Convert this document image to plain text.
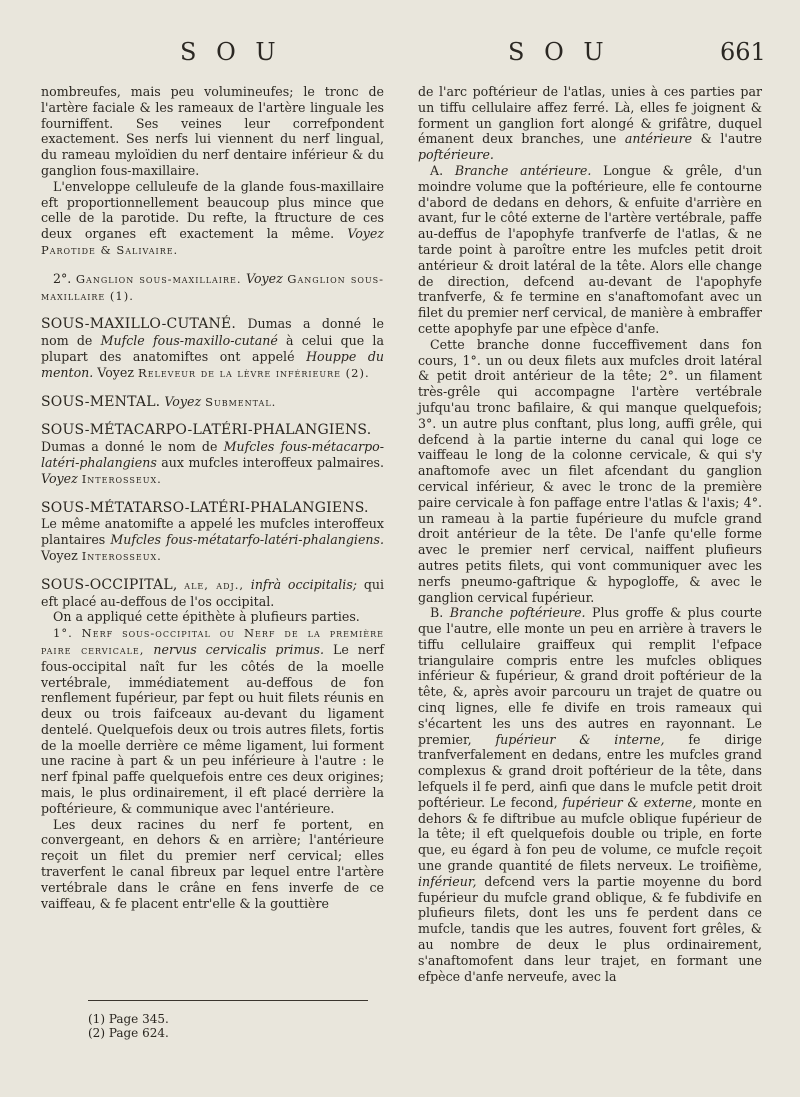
S O U	S O U	661

nombreufes, mais peu volumineufes; le tronc de l'artère faciale & les rameaux de l'artère linguale les fourniffent. Ses veines leur correfpondent exactement. Ses nerfs lui viennent du nerf lingual, du rameau myloïdien du nerf dentaire inférieur & du ganglion fous-maxillaire.

L'enveloppe celluleufe de la glande fous-maxillaire eft proportionnellement beaucoup plus mince que celle de la parotide. Du refte, la ftructure de ces deux organes eft exactement la même. Voyez Parotide & Salivaire.

2°. Ganglion sous-maxillaire. Voyez Ganglion sous-maxillaire (1).

SOUS-MAXILLO-CUTANÉ. Dumas a donné le nom de Mufcle fous-maxillo-cutané à celui que la plupart des anatomiftes ont appelé Houppe du menton. Voyez Releveur de la lèvre inférieure (2).

SOUS-MENTAL. Voyez Submental.

SOUS-MÉTACARPO-LATÉRI-PHALANGIENS. Dumas a donné le nom de Mufcles fous-métacarpo-latéri-phalangiens aux mufcles interoffeux palmaires. Voyez Interosseux.

SOUS-MÉTATARSO-LATÉRI-PHALANGIENS. Le même anatomifte a appelé les mufcles interoffeux plantaires Mufcles fous-métatarfo-latéri-phalangiens. Voyez Interosseux.

SOUS-OCCIPITAL, ale, adj., infrà occipitalis; qui eft placé au-deffous de l'os occipital.

On a appliqué cette épithète à plufieurs parties.

1°. Nerf sous-occipital ou Nerf de la première paire cervicale, nervus cervicalis primus. Le nerf fous-occipital naît fur les côtés de la moelle vertébrale, immédiatement au-deffous de fon renflement fupérieur, par fept ou huit filets réunis en deux ou trois faifceaux au-devant du ligament dentelé. Quelquefois deux ou trois autres filets, fortis de la moelle derrière ce même ligament, lui forment une racine à part & un peu inférieure à l'autre : le nerf fpinal paffe quelquefois entre ces deux origines; mais, le plus ordinairement, il eft placé derrière la poftérieure, & communique avec l'antérieure.

Les deux racines du nerf fe portent, en convergeant, en dehors & en arrière; l'antérieure reçoit un filet du premier nerf cervical; elles traverfent le canal fibreux par lequel entre l'artère vertébrale dans le crâne en fens inverfe de ce vaiffeau, & fe placent entr'elle & la gouttière

(1) Page 345.
(2) Page 624.

de l'arc poftérieur de l'atlas, unies à ces parties par un tiffu cellulaire affez ferré. Là, elles fe joignent & forment un ganglion fort alongé & grifâtre, duquel émanent deux branches, une antérieure & l'autre poftérieure.

A. Branche antérieure. Longue & grêle, d'un moindre volume que la poftérieure, elle fe contourne d'abord de dedans en dehors, & enfuite d'arrière en avant, fur le côté externe de l'artère vertébrale, paffe au-deffus de l'apophyfe tranfverfe de l'atlas, & ne tarde point à paroître entre les mufcles petit droit antérieur & droit latéral de la tête. Alors elle change de direction, defcend au-devant de l'apophyfe tranfverfe, & fe termine en s'anaftomofant avec un filet du premier nerf cervical, de manière à embraffer cette apophyfe par une efpèce d'anfe.

Cette branche donne fucceffivement dans fon cours, 1°. un ou deux filets aux mufcles droit latéral & petit droit antérieur de la tête; 2°. un filament très-grêle qui accompagne l'artère vertébrale jufqu'au tronc bafilaire, & qui manque quelquefois; 3°. un autre plus conftant, plus long, auffi grêle, qui defcend à la partie interne du canal qui loge ce vaiffeau le long de la colonne cervicale, & qui s'y anaftomofe avec un filet afcendant du ganglion cervical inférieur, & avec le tronc de la première paire cervicale à fon paffage entre l'atlas & l'axis; 4°. un rameau à la partie fupérieure du mufcle grand droit antérieur de la tête. De l'anfe qu'elle forme avec le premier nerf cervical, naiffent plufieurs autres petits filets, qui vont communiquer avec les nerfs pneumo-gaftrique & hypogloffe, & avec le ganglion cervical fupérieur.

B. Branche poftérieure. Plus groffe & plus courte que l'autre, elle monte un peu en arrière à travers le tiffu cellulaire graiffeux qui remplit l'efpace triangulaire compris entre les mufcles obliques inférieur & fupérieur, & grand droit poftérieur de la tête, &, après avoir parcouru un trajet de quatre ou cinq lignes, elle fe divife en trois rameaux qui s'écartent les uns des autres en rayonnant. Le premier, fupérieur & interne, fe dirige tranfverfalement en dedans, entre les mufcles grand complexus & grand droit poftérieur de la tête, dans lefquels il fe perd, ainfi que dans le mufcle petit droit poftérieur. Le fecond, fupérieur & externe, monte en dehors & fe diftribue au mufcle oblique fupérieur de la tête; il eft quelquefois double ou triple, en forte que, eu égard à fon peu de volume, ce mufcle reçoit une grande quantité de filets nerveux. Le troifième, inférieur, defcend vers la partie moyenne du bord fupérieur du mufcle grand oblique, & fe fubdivife en plufieurs filets, dont les uns fe perdent dans ce mufcle, tandis que les autres, fouvent fort grêles, & au nombre de deux le plus ordinairement, s'anaftomofent dans leur trajet, en formant une efpèce d'anfe nerveufe, avec la
